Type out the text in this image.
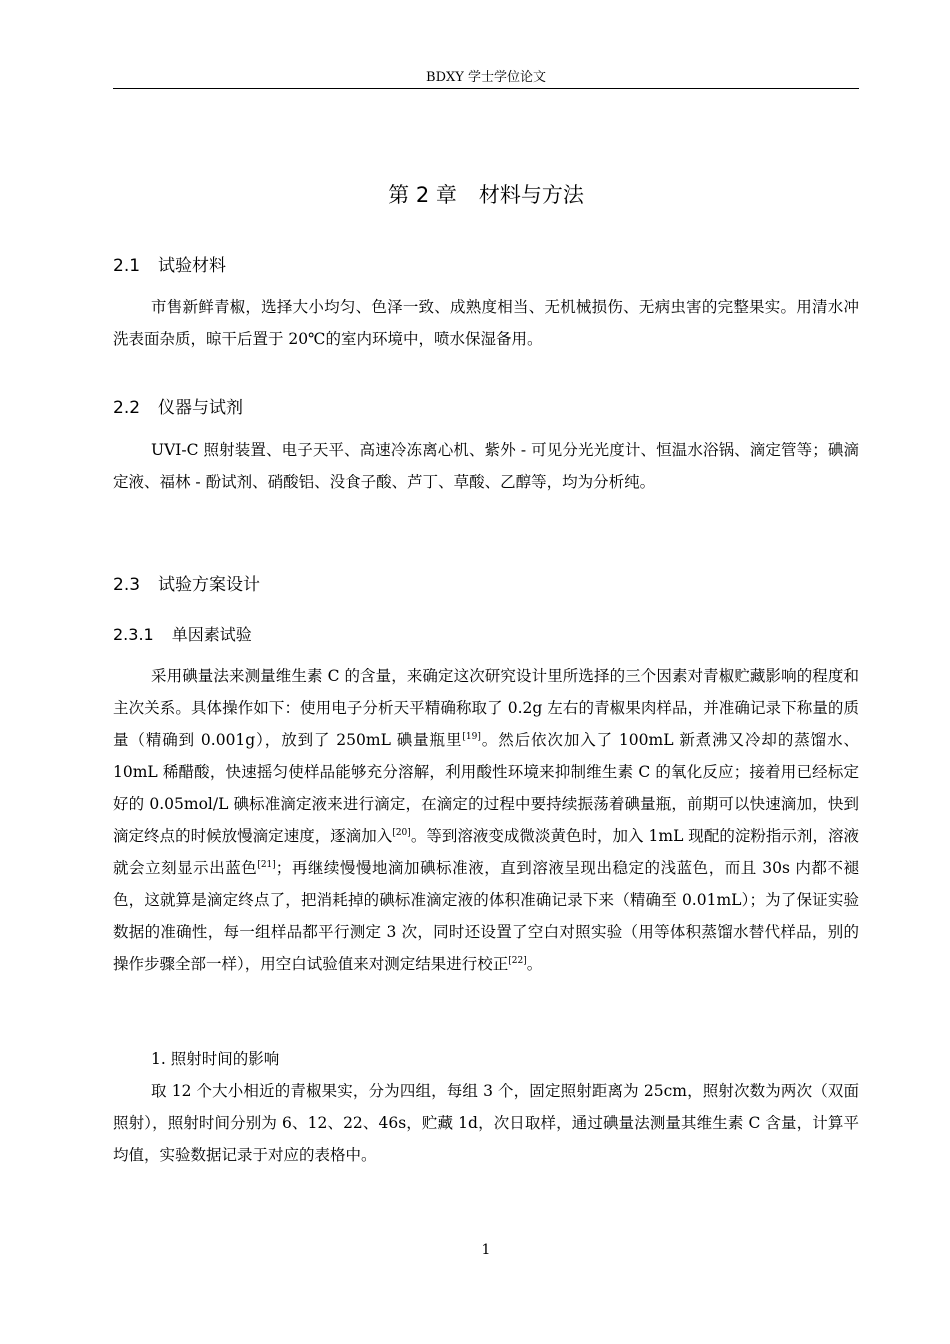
BDXY 学士学位论文
第 2 章 材料与方法
2.1 试验材料

市售新鲜青椒，选择大小均匀、色泽一致、成熟度相当、无机械损伤、无病虫害的完整果实。用清水冲洗表面杂质，晾干后置于 20℃的室内环境中，喷水保湿备用。

2.2 仪器与试剂

UVI-C 照射装置、电子天平、高速冷冻离心机、紫外 - 可见分光光度计、恒温水浴锅、滴定管等；碘滴定液、福林 - 酚试剂、硝酸铝、没食子酸、芦丁、草酸、乙醇等，均为分析纯。

2.3 试验方案设计
2.3.1 单因素试验

采用碘量法来测量维生素 C 的含量，来确定这次研究设计里所选择的三个因素对青椒贮藏影响的程度和主次关系。具体操作如下：使用电子分析天平精确称取了 0.2g 左右的青椒果肉样品，并准确记录下称量的质量（精确到 0.001g），放到了 250mL 碘量瓶里[19]。然后依次加入了 100mL 新煮沸又冷却的蒸馏水、10mL 稀醋酸，快速摇匀使样品能够充分溶解，利用酸性环境来抑制维生素 C 的氧化反应；接着用已经标定好的 0.05mol/L 碘标准滴定液来进行滴定，在滴定的过程中要持续振荡着碘量瓶，前期可以快速滴加，快到滴定终点的时候放慢滴定速度，逐滴加入[20]。等到溶液变成微淡黄色时，加入 1mL 现配的淀粉指示剂，溶液就会立刻显示出蓝色[21]；再继续慢慢地滴加碘标准液，直到溶液呈现出稳定的浅蓝色，而且 30s 内都不褪色，这就算是滴定终点了，把消耗掉的碘标准滴定液的体积准确记录下来（精确至 0.01mL）；为了保证实验数据的准确性，每一组样品都平行测定 3 次，同时还设置了空白对照实验（用等体积蒸馏水替代样品，别的操作步骤全部一样），用空白试验值来对测定结果进行校正[22]。

1. 照射时间的影响

取 12 个大小相近的青椒果实，分为四组，每组 3 个，固定照射距离为 25cm，照射次数为两次（双面照射），照射时间分别为 6、12、22、46s，贮藏 1d，次日取样，通过碘量法测量其维生素 C 含量，计算平均值，实验数据记录于对应的表格中。

1
